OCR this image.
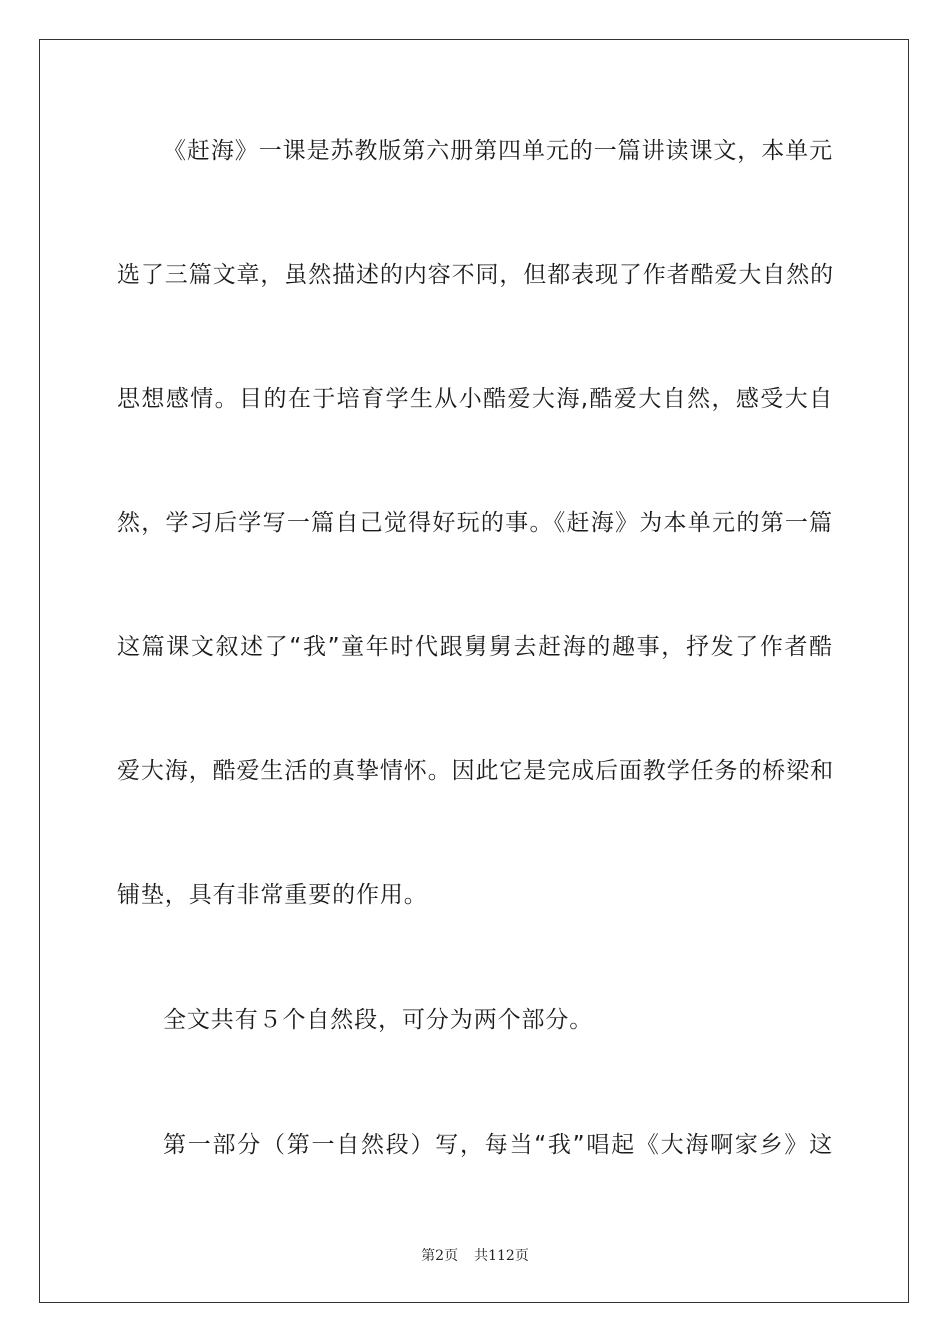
《赶海》一课是苏教版第六册第四单元的一篇讲读课文，本单元
选了三篇文章，虽然描述的内容不同，但都表现了作者酷爱大自然的
思想感情。目的在于培育学生从小酷爱大海,酷爱大自然，感受大自
然，学习后学写一篇自己觉得好玩的事。《赶海》为本单元的第一篇
这篇课文叙述了“我”童年时代跟舅舅去赶海的趣事，抒发了作者酷
爱大海，酷爱生活的真挚情怀。因此它是完成后面教学任务的桥梁和
铺垫，具有非常重要的作用。
全文共有５个自然段，可分为两个部分。
第一部分（第一自然段）写，每当“我”唱起《大海啊家乡》这
第2页 共112页
